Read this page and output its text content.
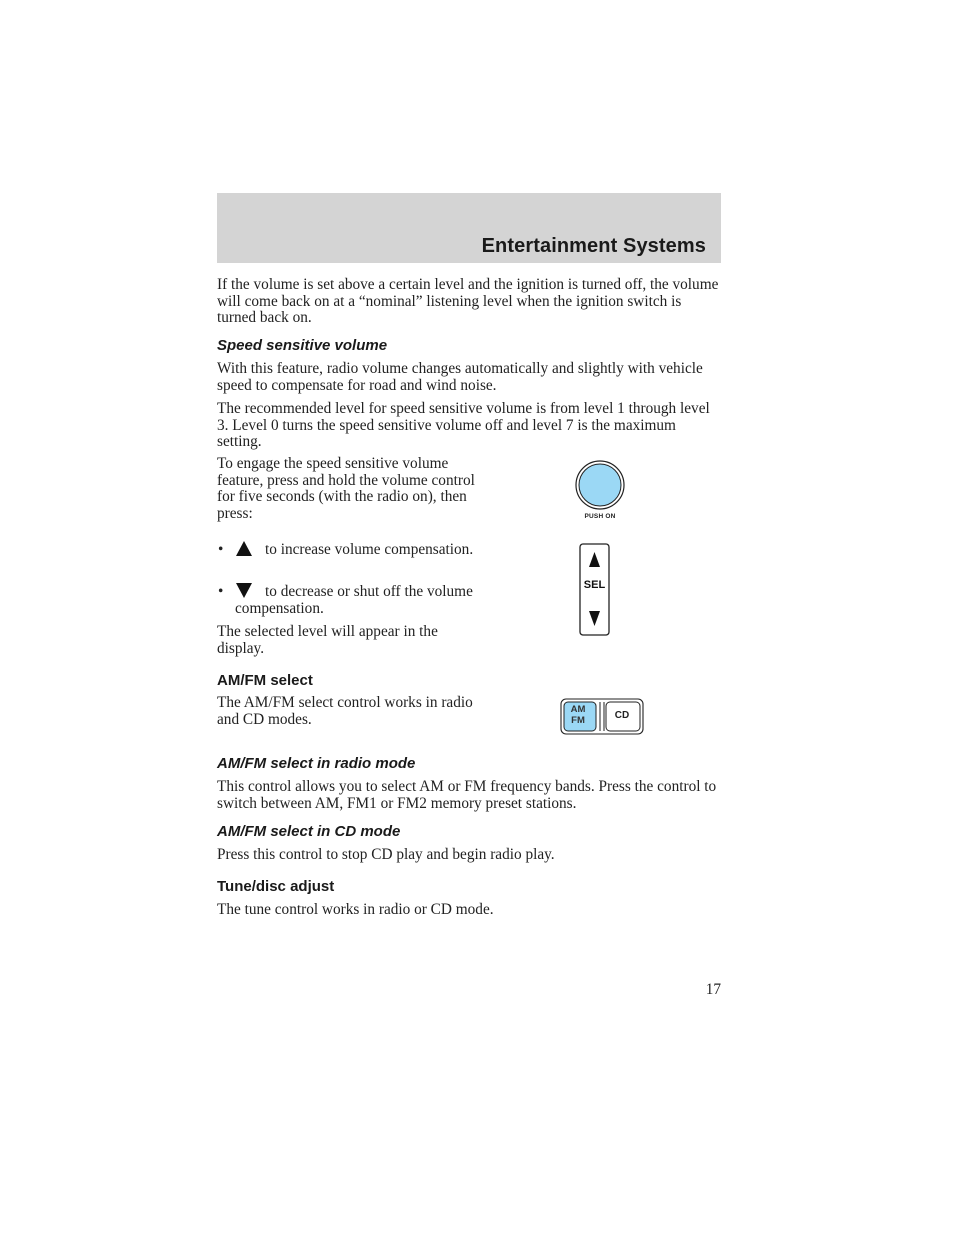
Entertainment Systems

If the volume is set above a certain level and the ignition is turned off, the volume will come back on at a “nominal” listening level when the ignition switch is turned back on.

Speed sensitive volume

With this feature, radio volume changes automatically and slightly with vehicle speed to compensate for road and wind noise.

The recommended level for speed sensitive volume is from level 1 through level 3. Level 0 turns the speed sensitive volume off and level 7 is the maximum setting.

To engage the speed sensitive volume feature, press and hold the volume control for five seconds (with the radio on), then press:

•	to increase volume compensation.
•	to decrease or shut off the volume compensation.

The selected level will appear in the display.

PUSH ON
SEL
AM/FM select

The AM/FM select control works in radio and CD modes.

AM
FM	CD
AM/FM select in radio mode

This control allows you to select AM or FM frequency bands. Press the control to switch between AM, FM1 or FM2 memory preset stations.

AM/FM select in CD mode

Press this control to stop CD play and begin radio play.

Tune/disc adjust

The tune control works in radio or CD mode.

17
